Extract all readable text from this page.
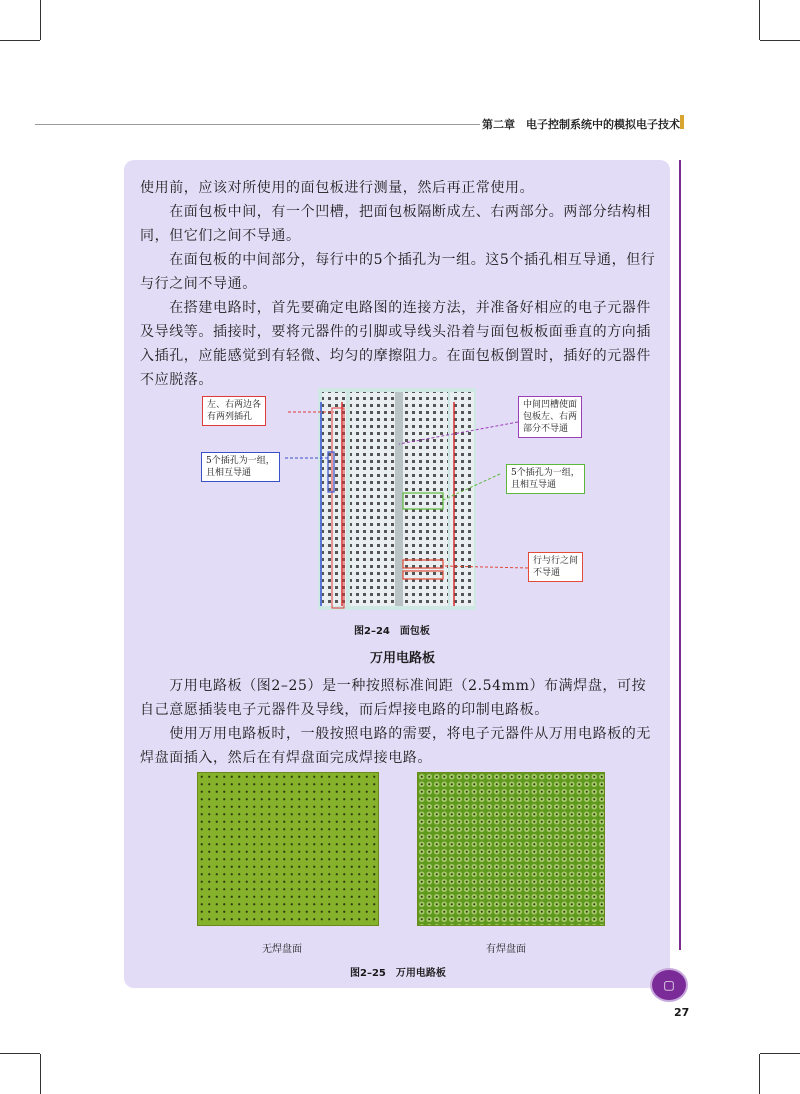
第二章　电子控制系统中的模拟电子技术
使用前，应该对所使用的面包板进行测量，然后再正常使用。
　　在面包板中间，有一个凹槽，把面包板隔断成左、右两部分。两部分结构相同，但它们之间不导通。
　　在面包板的中间部分，每行中的5个插孔为一组。这5个插孔相互导通，但行与行之间不导通。
　　在搭建电路时，首先要确定电路图的连接方法，并准备好相应的电子元器件及导线等。插接时，要将元器件的引脚或导线头沿着与面包板板面垂直的方向插入插孔，应能感觉到有轻微、均匀的摩擦阻力。在面包板倒置时，插好的元器件不应脱落。
左、右两边各
有两列插孔
5个插孔为一组，
且相互导通
中间凹槽使面
包板左、右两
部分不导通
5个插孔为一组，
且相互导通
行与行之间
不导通
图2–24　面包板
万用电路板
　　万用电路板（图2–25）是一种按照标准间距（2.54mm）布满焊盘，可按自己意愿插装电子元器件及导线，而后焊接电路的印制电路板。
　　使用万用电路板时，一般按照电路的需要，将电子元器件从万用电路板的无焊盘面插入，然后在有焊盘面完成焊接电路。
无焊盘面	有焊盘面
图2–25　万用电路板
▢
27
